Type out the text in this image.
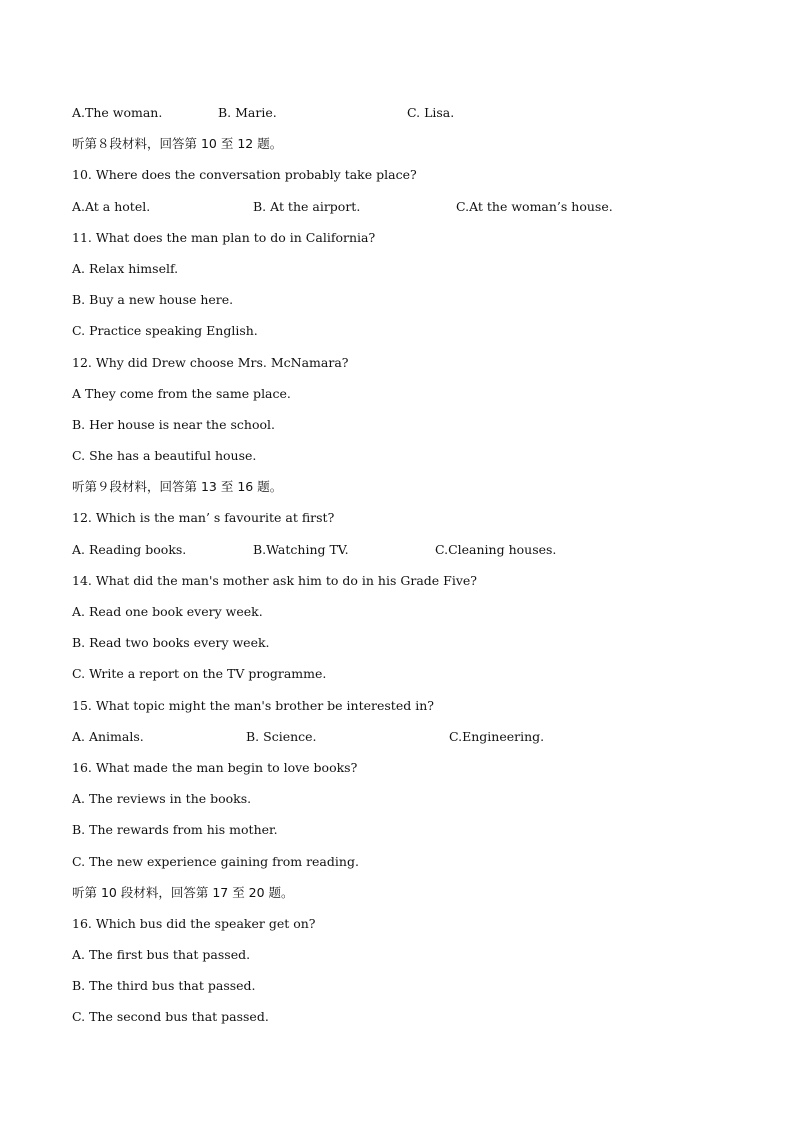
A.The woman.	B. Marie.	C. Lisa.
听第８段材料，回答第 10 至 12 题。
10. Where does the conversation probably take place?
A.At a hotel.	B. At the airport.	C.At the woman’s house.
11. What does the man plan to do in California?
A. Relax himself.
B. Buy a new house here.
C. Practice speaking English.
12. Why did Drew choose Mrs. McNamara?
A They come from the same place.
B. Her house is near the school.
C. She has a beautiful house.
听第９段材料，回答第 13 至 16 题。
12. Which is the man’ s favourite at first?
A. Reading books.	B.Watching TV.	C.Cleaning houses.
14. What did the man's mother ask him to do in his Grade Five?
A. Read one book every week.
B. Read two books every week.
C. Write a report on the TV programme.
15. What topic might the man's brother be interested in?
A. Animals.	B. Science.	C.Engineering.
16. What made the man begin to love books?
A. The reviews in the books.
B. The rewards from his mother.
C. The new experience gaining from reading.
听第 10 段材料，回答第 17 至 20 题。
16. Which bus did the speaker get on?
A. The first bus that passed.
B. The third bus that passed.
C. The second bus that passed.
